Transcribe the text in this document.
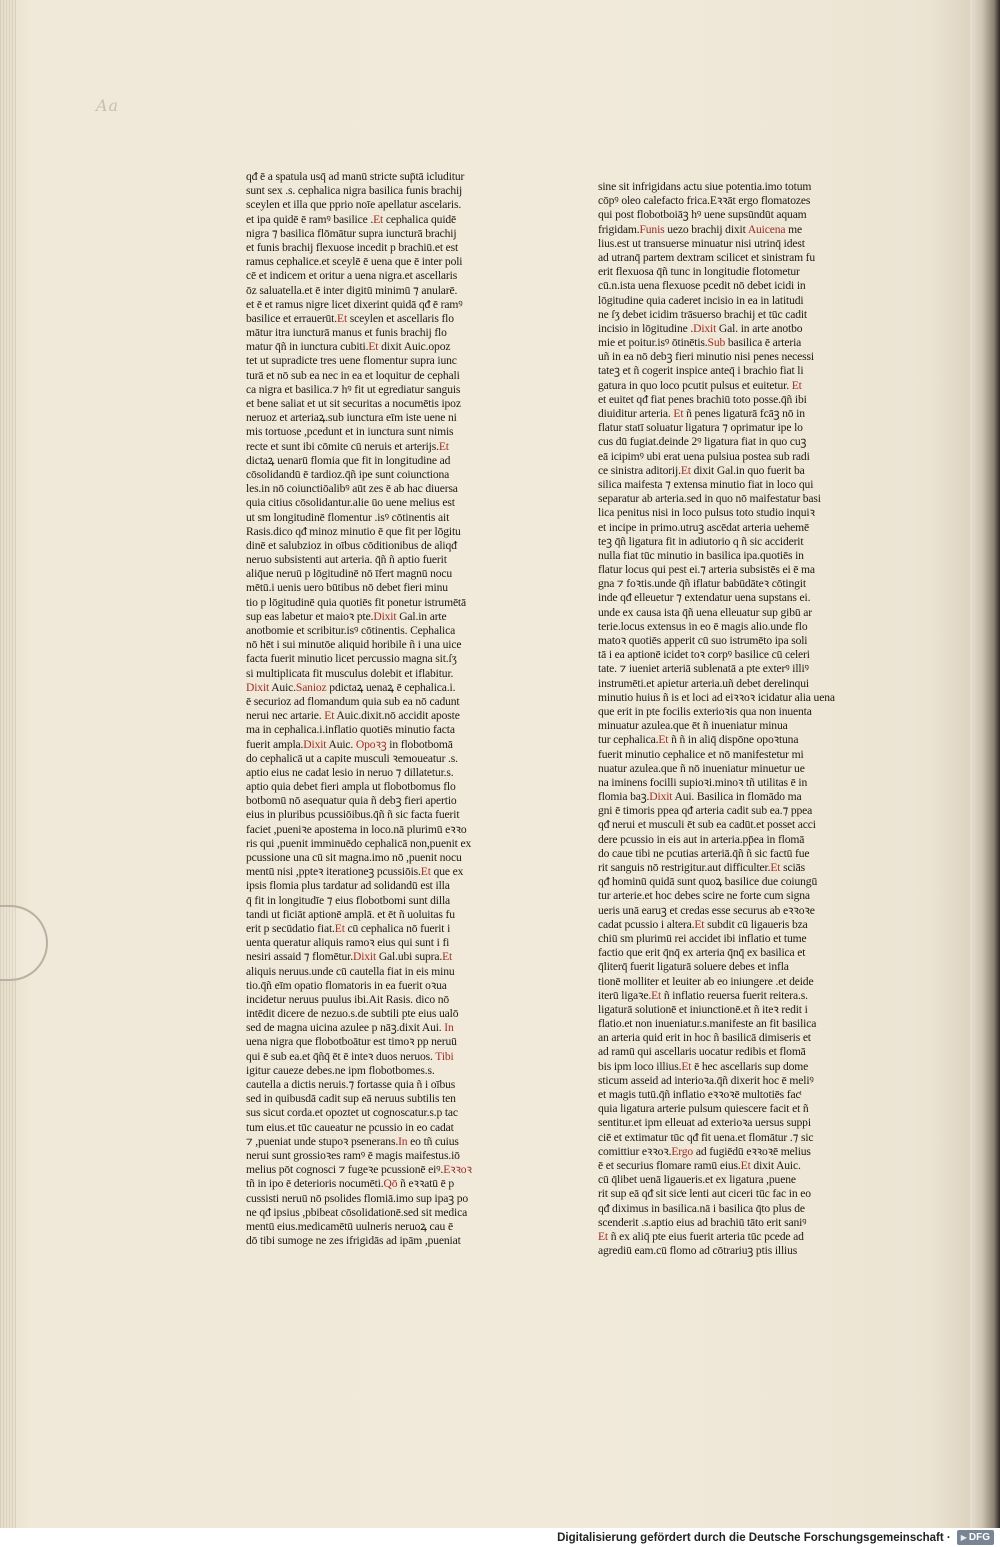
Aa
qᵭ ē a spatula usq̄ ad manū stricte sup̄tā icluditur
sunt sex .s. cephalica nigra basilica funis brachij
sceylen et illa que pprio noīe apellatur ascelaris.
et ipa quidē ē ramꝰ basilice .Et cephalica quidē
nigra ⁊ basilica flōmātur supra iuncturā brachij
et funis brachij flexuose incedit p brachiū.et est
ramus cephalice.et sceylē ē uena que ē inter poli
cē et indicem et oritur a uena nigra.et ascellaris
ōz saluatella.et ē inter digitū minimū ⁊ anularē.
et ē et ramus nigre licet dixerint quidā qᵭ ē ramꝰ
basilice et errauerūt.Et sceylen et ascellaris flo
mātur itra iuncturā manus et funis brachij flo
matur q̄ñ in iunctura cubiti.Et dixit Auic.opoz
tet ut supradicte tres uene flomentur supra iunc
turā et nō sub ea nec in ea et loquitur de cephali
ca nigra et basilica.⁊ hꝰ fit ut egrediatur sanguis
et bene saliat et ut sit securitas a nocumētis ipoz
neruoz et arteriaꝝ.sub iunctura eīm iste uene ni
mis tortuose ,pcedunt et in iunctura sunt nimis
recte et sunt ibi cōmite cū neruis et arterijs.Et
dictaꝝ uenarū flomia que fit in longitudine ad
cōsolidandū ē tardioz.q̄ñ ipe sunt coiunctiona
les.in nō coiunctiōalibꝰ aūt zes ē ab hac diuersa
quia citius cōsolidantur.alie ūo uene melius est
ut sm longitudinē flomentur .isꝰ cōtinentis ait
Rasis.dico qᵭ minoz minutio ē que fit per lōgitu
dinē et salubzioz in oībus cōditionibus de aliqᵭ
neruo subsistenti aut arteria. q̄ñ ñ aptio fuerit
aliq̄ue neruū p lōgitudinē nō īfert magnū nocu
mētū.i uenis uero būtibus nō debet fieri minu
tio p lōgitudinē quia quotiēs fit ponetur istrumētā
sup eas labetur et maioꝛ pte.Dixit Gal.in arte
anotbomie et scribitur.isꝰ cōtinentis. Cephalica
nō hēt i sui minutōe aliquid horibile ñ i una uice
facta fuerit minutio licet percussio magna sit.ſʒ
si multiplicata fit musculus dolebit et iflabitur.
Dixit Auic.Sanioz pdictaꝝ uenaꝝ ē cephalica.i.
ē securioz ad flomandum quia sub ea nō cadunt
nerui nec artarie. Et Auic.dixit.nō accidit aposte
ma in cephalica.i.inflatio quotiēs minutio facta
fuerit ampla.Dixit Auic. Opoꝛꝫ in flobotbomā
do cephalicā ut a capite musculi ꝛemoueatur .s.
aptio eius ne cadat lesio in neruo ⁊ dillatetur.s.
aptio quia debet fieri ampla ut flobotbomus flo
botbomū nō asequatur quia ñ debꝫ fieri apertio
eius in pluribus pcussiōibus.q̄ñ ñ sic facta fuerit
faciet ,pueniꝛe apostema in loco.nā plurimū eꝛꝛo
ris qui ,puenit imminuēdo cephalicā non,puenit ex
pcussione una cū sit magna.imo nō ,puenit nocu
mentū nisi ,ppteꝛ iterationeꝫ pcussiōis.Et que ex
ipsis flomia plus tardatur ad solidandū est illa
q̄ fit in longitudīe ⁊ eius flobotbomi sunt dilla
tandi ut ficiāt aptionē amplā. et ēt ñ uoluitas fu
erit p secūdatio fiat.Et cū cephalica nō fuerit i
uenta queratur aliquis ramoꝛ eius qui sunt i fi
nesiri assaid ⁊ flomētur.Dixit Gal.ubi supra.Et
aliquis neruus.unde cū cautella fiat in eis minu
tio.q̄ñ eīm opatio flomatoris in ea fuerit oꝛua
incidetur neruus puulus ibi.Ait Rasis. dico nō
intēdit dicere de nezuo.s.de subtili pte eius ualō
sed de magna uicina azulee p nāꝫ.dixit Aui. In
uena nigra que flobotboātur est timoꝛ pp neruū
qui ē sub ea.et q̄ñq̄ ēt ē inteꝛ duos neruos. Tibi
igitur caueze debes.ne ipm flobotbomes.s.
cautella a dictis neruis.⁊ fortasse quia ñ i oībus
sed in quibusdā cadit sup eā neruus subtilis ten
sus sicut corda.et opoztet ut cognoscatur.s.p tac
tum eius.et tūc caueatur ne pcussio in eo cadat
⁊ ,pueniat unde stupoꝛ psenerans.In eo tñ cuius
nerui sunt grossioꝛes ramꝰ ē magis maifestus.iō
melius pōt cognosci ⁊ fugeꝛe pcussionē eiꝰ.Eꝛꝛoꝛ
tñ in ipo ē deterioris nocumēti.Qō ñ eꝛꝛatū ē p
cussisti neruū nō psolides flomiā.imo sup ipaꝫ po
ne qᵭ ipsius ,pbibeat cōsolidationē.sed sit medica
mentū eius.medicamētū uulneris neruoꝝ cau ē
dō tibi sumoge ne zes ifrigidās ad ipām ,pueniat
sine sit infrigidans actu siue potentia.imo totum
cōpꝰ oleo calefacto frica.Eꝛꝛāt ergo flomatozes
qui post flobotboiāꝫ hꝰ uene supsūndūt aquam
frigidam.Funis uezo brachij dixit Auicena me
lius.est ut transuerse minuatur nisi utrinq̄ idest
ad utranq̄ partem dextram scilicet et sinistram fu
erit flexuosa q̄ñ tunc in longitudie flotometur
cū.n.ista uena flexuose pcedit nō debet icidi in
lōgitudine quia caderet incisio in ea in latitudi
ne ſʒ debet icidim trāsuerso brachij et tūc cadit
incisio in lōgitudine .Dixit Gal. in arte anotbo
mie et poitur.isꝰ ōtinētis.Sub basilica ē arteria
uñ in ea nō debꝫ fieri minutio nisi penes necessi
tateꝫ et ñ cogerit inspice anteq̄ i brachio fiat li
gatura in quo loco pcutit pulsus et euitetur. Et
et euitet qᵭ fiat penes brachiū toto posse.q̄ñ ibi
diuiditur arteria. Et ñ penes ligaturā fcāꝫ nō in
flatur statī soluatur ligatura ⁊ oprimatur ipe lo
cus dū fugiat.deinde 2ꝰ ligatura fiat in quo cuꝫ
eā icipimꝰ ubi erat uena pulsiua postea sub radi
ce sinistra aditorij.Et dixit Gal.in quo fuerit ba
silica maifesta ⁊ extensa minutio fiat in loco qui
separatur ab arteria.sed in quo nō maifestatur basi
lica penitus nisi in loco pulsus toto studio inquiꝛ
et incipe in primo.utruꝫ ascēdat arteria uehemē
teꝫ q̄ñ ligatura fit in adiutorio q ñ sic acciderit
nulla fiat tūc minutio in basilica ipa.quotiēs in
flatur locus qui pest ei.⁊ arteria subsistēs ei ē ma
gna ⁊ foꝛtis.unde q̄ñ iflatur babūdāteꝛ cōtingit
inde qᵭ elleuetur ⁊ extendatur uena supstans ei.
unde ex causa ista q̄ñ uena elleuatur sup gibū ar
terie.locus extensus in eo ē magis alio.unde flo
matoꝛ quotiēs apperit cū suo istrumēto ipa soli
tā i ea aptionē icidet toꝛ corpꝰ basilice cū celeri
tate. ⁊ iueniet arteriā sublenatā a pte exterꝰ illiꝰ
instrumēti.et apietur arteria.uñ debet derelinqui
minutio huius ñ is et loci ad eiꝛꝛoꝛ icidatur alia uena
que erit in pte focilis exterioꝛis qua non inuenta
minuatur azulea.que ēt ñ inueniatur minua
tur cephalica.Et ñ ñ in aliq̄ dispōne opoꝛtuna
fuerit minutio cephalice et nō manifestetur mi
nuatur azulea.que ñ nō inueniatur minuetur ue
na iminens focilli supioꝛi.minoꝛ tñ utilitas ē in
flomia baꝫ.Dixit Aui. Basilica in flomādo ma
gni ē timoris ppea qᵭ arteria cadit sub ea.⁊ ppea
qᵭ nerui et musculi ēt sub ea cadūt.et posset acci
dere pcussio in eis aut in arteria.pp̄ea in flomā
do caue tibi ne pcutias arteriā.q̄ñ ñ sic factū fue
rit sanguis nō restrigitur.aut difficulter.Et sciās
qᵭ hominū quidā sunt quoꝝ basilice due coiungū
tur arterie.et hoc debes scire ne forte cum signa
ueris unā earuꝫ et credas esse securus ab eꝛꝛoꝛe
cadat pcussio i altera.Et subdit cū ligaueris bza
chiū sm plurimū rei accidet ibi inflatio et tume
factio que erit q̄nq̄ ex arteria q̄nq̄ ex basilica et
q̄literq̄ fuerit ligaturā soluere debes et infla
tionē molliter et leuiter ab eo iniungere .et deide
iterū ligaꝛe.Et ñ inflatio reuersa fuerit reitera.s.
ligaturā solutionē et iniunctionē.et ñ iteꝛ redit i
flatio.et non inueniatur.s.manifeste an fit basilica
an arteria quid erit in hoc ñ basilicā dimiseris et
ad ramū qui ascellaris uocatur redibis et flomā
bis ipm loco illius.Et ē hec ascellaris sup dome
sticum asseid ad interioꝛa.q̄ñ dixerit hoc ē meliꝰ
et magis tutū.q̄ñ inflatio eꝛꝛoꝛē multotiēs facͭ
quia ligatura arterie pulsum quiescere facit et ñ
sentitur.et ipm elleuat ad exterioꝛa uersus suppi
ciē et extimatur tūc qᵭ fit uena.et flomātur .⁊ sic
comittiur eꝛꝛoꝛ.Ergo ad fugiēdū eꝛꝛoꝛē melius
ē et securius flomare ramū eius.Et dixit Auic.
cū q̄libet uenā ligaueris.et ex ligatura ,puene
rit sup eā qᵭ sit sicͭe lenti aut ciceri tūc fac in eo
qᵭ diximus in basilica.nā i basilica q̄to plus de
scenderit .s.aptio eius ad brachiū tāto erit saniꝰ
Et ñ ex aliq̄ pte eius fuerit arteria tūc pcede ad
agrediū eam.cū flomo ad cōtrariuꝫ ptis illius
Digitalisierung gefördert durch die Deutsche Forschungsgemeinschaft · ▶ DFG
